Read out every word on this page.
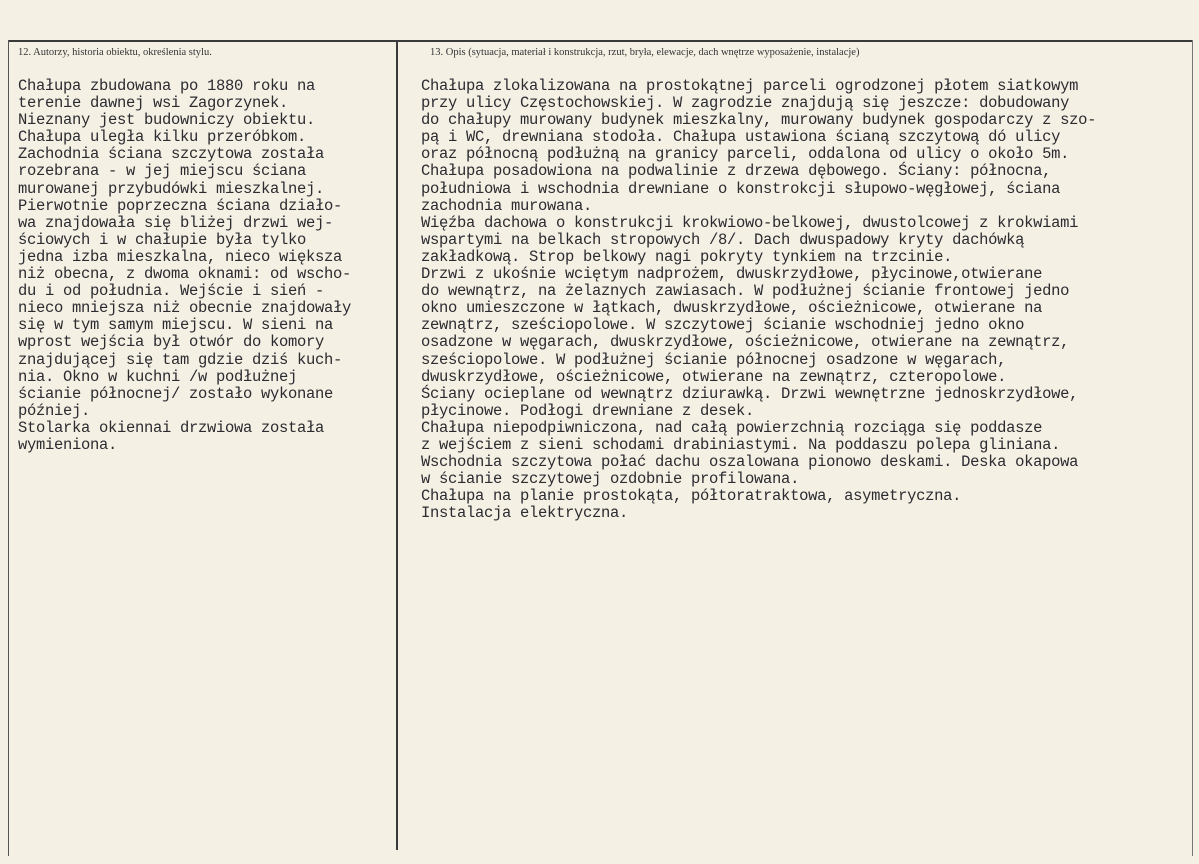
12. Autorzy, historia obiektu, określenia stylu.	13. Opis (sytuacja, materiał i konstrukcja, rzut, bryła, elewacje, dach wnętrze wyposażenie, instalacje)
Chałupa zbudowana po 1880 roku na
terenie dawnej wsi Zagorzynek.
Nieznany jest budowniczy obiektu.
Chałupa uległa kilku przeróbkom.
Zachodnia ściana szczytowa została
rozebrana - w jej miejscu ściana
murowanej przybudówki mieszkalnej.
Pierwotnie poprzeczna ściana działo-
wa znajdowała się bliżej drzwi wej-
ściowych i w chałupie była tylko
jedna izba mieszkalna, nieco większa
niż obecna, z dwoma oknami: od wscho-
du i od południa. Wejście i sień -
nieco mniejsza niż obecnie znajdowały
się w tym samym miejscu. W sieni na
wprost wejścia był otwór do komory
znajdującej się tam gdzie dziś kuch-
nia. Okno w kuchni /w podłużnej
ścianie północnej/ zostało wykonane
później.
Stolarka okiennai drzwiowa została
wymieniona.
Chałupa zlokalizowana na prostokątnej parceli ogrodzonej płotem siatkowym
przy ulicy Częstochowskiej. W zagrodzie znajdują się jeszcze: dobudowany
do chałupy murowany budynek mieszkalny, murowany budynek gospodarczy z szo-
pą i WC, drewniana stodoła. Chałupa ustawiona ścianą szczytową dó ulicy
oraz północną podłużną na granicy parceli, oddalona od ulicy o około 5m.
Chałupa posadowiona na podwalinie z drzewa dębowego. Ściany: północna,
południowa i wschodnia drewniane o konstrokcji słupowo-węgłowej, ściana
zachodnia murowana.
Więźba dachowa o konstrukcji krokwiowo-belkowej, dwustolcowej z krokwiami
wspartymi na belkach stropowych /8/. Dach dwuspadowy kryty dachówką
zakładkową. Strop belkowy nagi pokryty tynkiem na trzcinie.
Drzwi z ukośnie wciętym nadprożem, dwuskrzydłowe, płycinowe,otwierane
do wewnątrz, na żelaznych zawiasach. W podłużnej ścianie frontowej jedno
okno umieszczone w łątkach, dwuskrzydłowe, ościeżnicowe, otwierane na
zewnątrz, sześciopolowe. W szczytowej ścianie wschodniej jedno okno
osadzone w węgarach, dwuskrzydłowe, ościeżnicowe, otwierane na zewnątrz,
sześciopolowe. W podłużnej ścianie północnej osadzone w węgarach,
dwuskrzydłowe, ościeżnicowe, otwierane na zewnątrz, czteropolowe.
Ściany ocieplane od wewnątrz dziurawką. Drzwi wewnętrzne jednoskrzydłowe,
płycinowe. Podłogi drewniane z desek.
Chałupa niepodpiwniczona, nad całą powierzchnią rozciąga się poddasze
z wejściem z sieni schodami drabiniastymi. Na poddaszu polepa gliniana.
Wschodnia szczytowa połać dachu oszalowana pionowo deskami. Deska okapowa
w ścianie szczytowej ozdobnie profilowana.
Chałupa na planie prostokąta, półtoratraktowa, asymetryczna.
Instalacja elektryczna.
